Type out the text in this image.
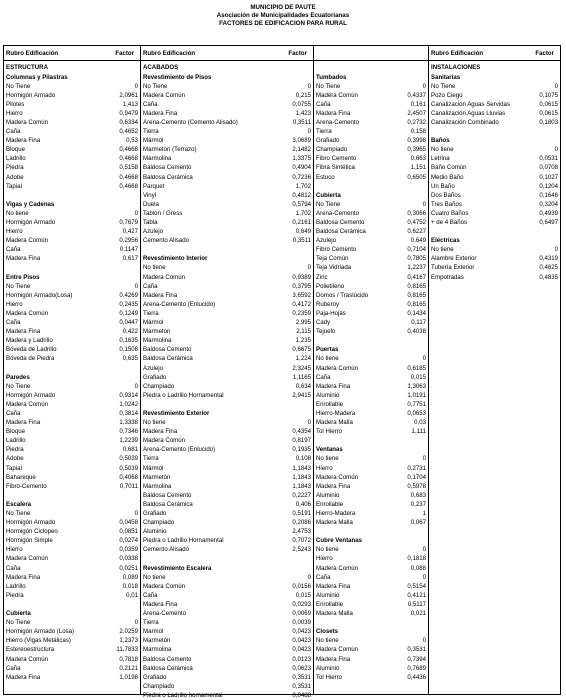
MUNICIPIO DE PAUTE
Asociación de Municipalidades Ecuatorianas
FACTORES DE EDIFICACION PARA RURAL
Rubro Edificación	Factor
ESTRUCTURA
Columnas y Pilastras
No Tiene	0
Hormigón Armado	2,0961
Pilotes	1,413
Hierro	0,9479
Madera Común	0,6334
Caña	0,4652
Madera Fina	0,53
Bloque	0,4668
Ladrillo	0,4668
Piedra	0,5158
Adobe	0,4668
Tapial	0,4668
Vigas y Cadenas
No tiene	0
Hormigón Armado	0,7679
Hierro	0,427
Madera Común	0,2956
Caña	0,1147
Madera Fina	0,617
Entre Pisos
No Tiene	0
Hormigón Armado(Losa)	0,4269
Hierro	0,2435
Madera Común	0,1249
Caña	0,0447
Madera Fina	0,422
Madera y Ladrillo	0,1635
Bóveda de Ladrillo	0,1508
Bóveda de Piedra	0,635
Paredes
No Tiene	0
Hormigón Armado	0,9314
Madera Común	1,0242
Caña	0,3814
Madera Fina	1,3338
Bloque	0,7346
Ladrillo	1,2239
Piedra	0,681
Adobe	0,5039
Tapial	0,5039
Bahareque	0,4068
Fibro-Cemento	0,7011
Escalera
No Tiene	0
Hormigón Armado	0,0458
Hormigón Ciclopeo	0,0851
Hormigón Simple	0,0274
Hierro	0,0359
Madera Común	0,0338
Caña	0,0251
Madera Fina	0,089
Ladrillo	0,018
Piedra	0,01
Cubierta
No Tiene	0
Hormigón Armado (Losa)	2,0259
Hierro (Vigas Metálicas)	1,2373
Estereoestructura	11,7833
Madera Común	0,7818
Caña	0,2121
Madera Fina	1,0198
Rubro Edificación	Factor
ACABADOS
Revestimiento de Pisos
No Tiene	0
Madera Común	0,215
Caña	0,0755
Madera Fina	1,423
Arena-Cemento (Cemento Alisado)	0,3511
Tierra	0
Mármol	3,0689
Marmeton (Terrazo)	2,1482
Marmolina	1,3375
Baldosa Cemento	0,4904
Baldosa Cerámica	0,7236
Parquet	1,702
Vinyl	0,4812
Duela	0,5794
Tablon / Gress	1,702
Tabla	0,2161
Azulejo	0,649
Cemento Alisado	0,3511
Revestimiento Interior
No tiene	0
Madera Común	0,9389
Caña	0,3795
Madera Fina	3,6592
Arena-Cemento (Enlucido)	0,4172
Tierra	0,2359
Mármol	2,995
Marmeton	2,115
Marmolina	1,235
Baldosa Cemento	0,6675
Baldosa Cerámica	1,224
Azulejo	2,3245
Grafiado	1,1165
Champiado	0,634
Piedra o Ladrillo Hornamental	2,9415
Revestimiento Exterior
No tiene	0
Madera Fina	0,4354
Madera Común	0,8197
Arena-Cemento (Enlucido)	0,1935
Tierra	0,108
Mármol	1,1843
Marmetón	1,1843
Marmolina	1,1843
Baldosa Cemento	0,2227
Baldosa Cerámica	0,406
Grafiado	0,5191
Champiado	0,2086
Aluminio	2,4753
Piedra o Ladrillo Hornamental	0,7072
Cemento Alisado	2,5243
Revestimiento Escalera
No tiene	0
Madera Común	0,0156
Caña	0,015
Madera Fina	0,0293
Arena-Cemento	0,0069
Tierra	0,0039
Marmol	0,0423
Marmetón	0,0423
Marmolina	0,0423
Baldosa Cemento	0,0123
Baldosa Cerámica	0,0623
Grafiado	0,3531
Champiado	0,3531
Piedra o Ladrillo hornamental	0,0488
Tumbados
No Tiene	0
Madera Común	0,4337
Caña	0,161
Madera Fina	2,4507
Arena-Cemento	0,2732
Tierra	0,158
Grafiado	0,3998
Champiado	0,3965
Fibro Cemento	0,663
Fibra Sintética	1,151
Estuco	0,6505
Cubierta
No Tiene	0
Arena-Cemento	0,3066
Baldosa Cemento	0,4752
Baldosa Cerámica	0,6227
Azulejo	0,649
Fibro Cemento	0,7104
Teja Común	0,7805
Teja Vidriada	1,2237
Zinc	0,4167
Polietileno	0,8165
Domos / Traslúcido	0,8165
Ruberoy	0,8165
Paja-Hojas	0,1434
Cady	0,117
Tejuelo	0,4038
Puertas
No tiene	0
Madera Común	0,6185
Caña	0,015
Madera Fina	1,3063
Aluminio	1,0191
Enrollable	0,7751
Hierro-Madera	0,0653
Madera Malla	0,03
Tol Hierro	1,111
Ventanas
No tiene	0
Hierro	0,2731
Madera Común	0,1704
Madera Fina	0,5978
Aluminio	0,683
Enrollable	0,237
Hierro-Madera	1
Madera Malla	0,067
Cubre Ventanas
No tiene	0
Hierro	0,1818
Madera Común	0,088
Caña	0
Madera Fina	0,5154
Aluminio	0,4121
Enrollable	0,5117
Madera Malla	0,021
Closets
No tiene	0
Madera Común	0,3531
Madera Fina	0,7394
Aluminio	0,7689
Tol Hierro	0,4436
Rubro Edificación	Factor
INSTALACIONES
Sanitarias
No Tiene	0
Pozo Ciego	0,1075
Canalización Aguas Servidas	0,0615
Canalización Aguas Lluvias	0,0615
Canalización Combinado	0,1803
Baños
No tiene	0
Letrina	0,0531
Baño Común	0,0708
Medio Baño	0,1027
Un Baño	0,1204
Dos Baños	0,1646
Tres Baños	0,3204
Cuatro Baños	0,4939
+ de 4 Baños	0,6497
Eléctricas
No tiene	0
Alambre Exterior	0,4319
Tubería Exterior	0,4625
Empotradas	0,4835
